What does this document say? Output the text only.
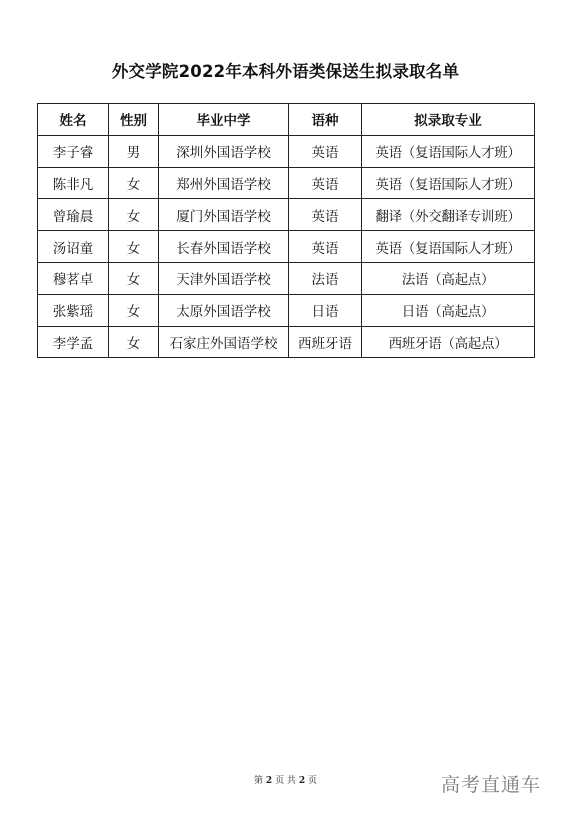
外交学院2022年本科外语类保送生拟录取名单
姓名	性别	毕业中学	语种	拟录取专业
李子睿	男	深圳外国语学校	英语	英语（复语国际人才班）
陈非凡	女	郑州外国语学校	英语	英语（复语国际人才班）
曾瑜晨	女	厦门外国语学校	英语	翻译（外交翻译专训班）
汤诏童	女	长春外国语学校	英语	英语（复语国际人才班）
穆茗卓	女	天津外国语学校	法语	法语（高起点）
张紫瑶	女	太原外国语学校	日语	日语（高起点）
李学孟	女	石家庄外国语学校	西班牙语	西班牙语（高起点）
第 2 页 共 2 页	高考直通车
